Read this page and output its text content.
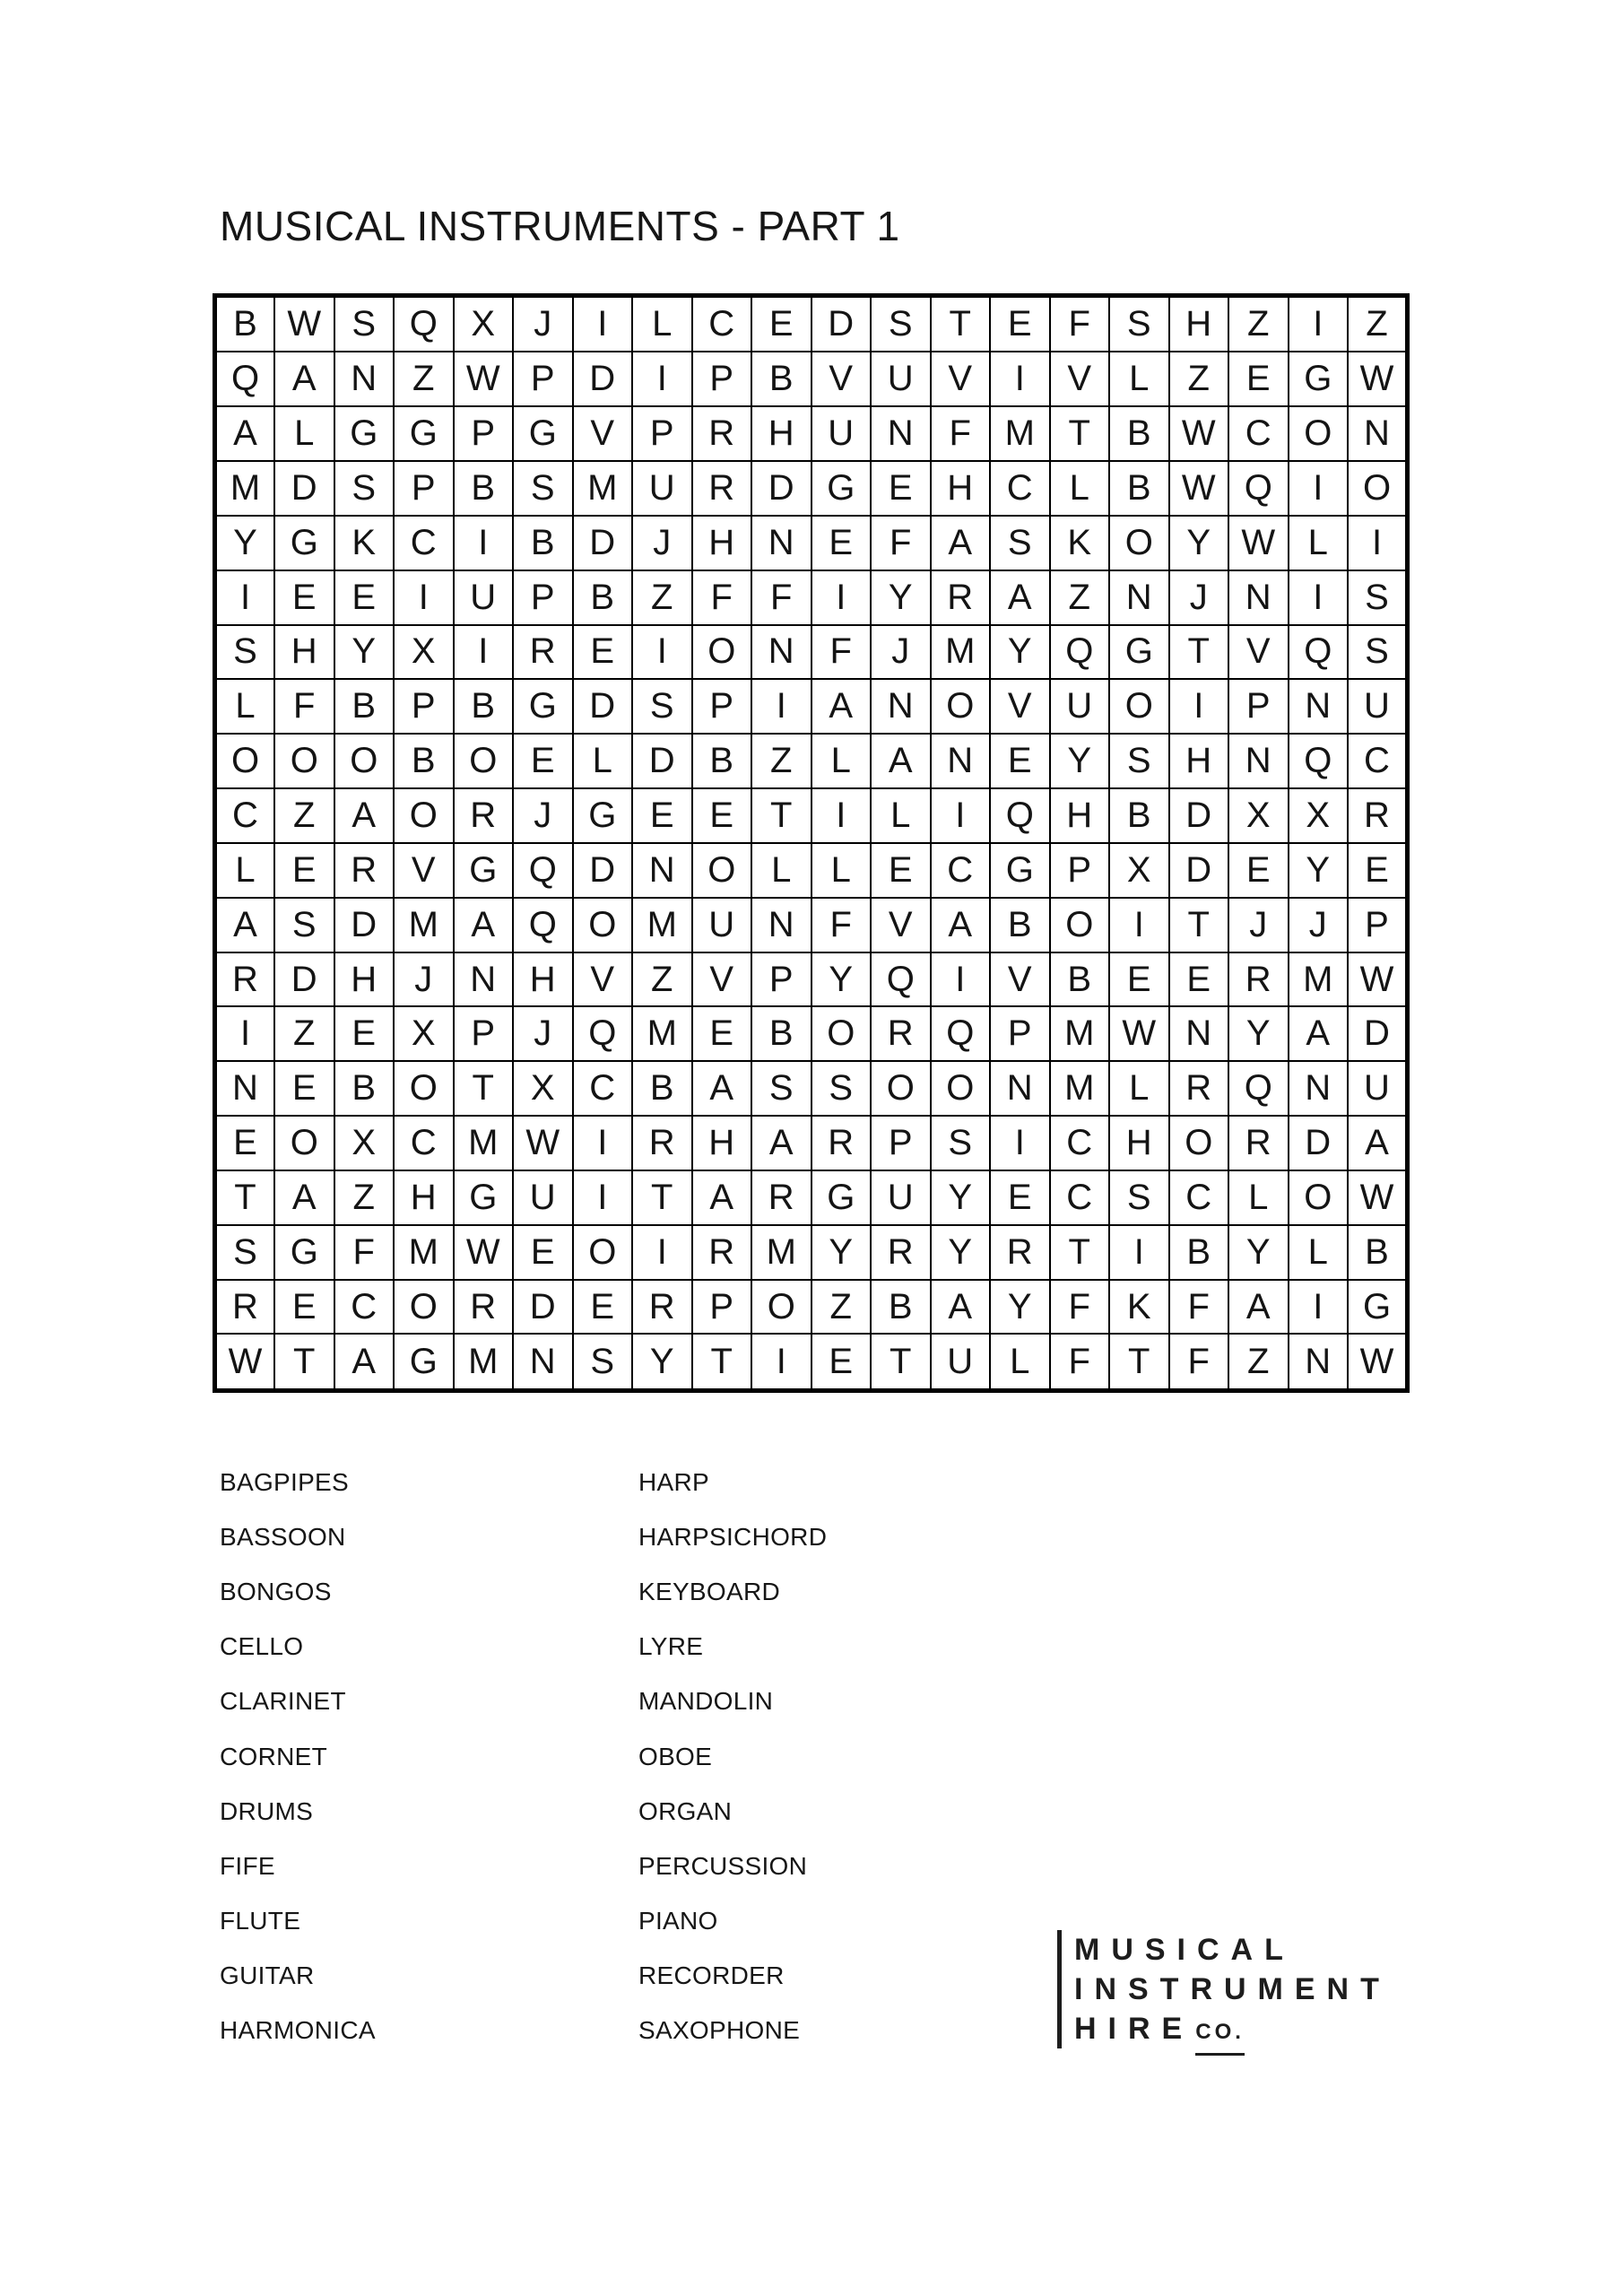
MUSICAL INSTRUMENTS - PART 1
B	W	S	Q	X	J	I	L	C	E	D	S	T	E	F	S	H	Z	I	Z
Q	A	N	Z	W	P	D	I	P	B	V	U	V	I	V	L	Z	E	G	W
A	L	G	G	P	G	V	P	R	H	U	N	F	M	T	B	W	C	O	N
M	D	S	P	B	S	M	U	R	D	G	E	H	C	L	B	W	Q	I	O
Y	G	K	C	I	B	D	J	H	N	E	F	A	S	K	O	Y	W	L	I
I	E	E	I	U	P	B	Z	F	F	I	Y	R	A	Z	N	J	N	I	S
S	H	Y	X	I	R	E	I	O	N	F	J	M	Y	Q	G	T	V	Q	S
L	F	B	P	B	G	D	S	P	I	A	N	O	V	U	O	I	P	N	U
O	O	O	B	O	E	L	D	B	Z	L	A	N	E	Y	S	H	N	Q	C
C	Z	A	O	R	J	G	E	E	T	I	L	I	Q	H	B	D	X	X	R
L	E	R	V	G	Q	D	N	O	L	L	E	C	G	P	X	D	E	Y	E
A	S	D	M	A	Q	O	M	U	N	F	V	A	B	O	I	T	J	J	P
R	D	H	J	N	H	V	Z	V	P	Y	Q	I	V	B	E	E	R	M	W
I	Z	E	X	P	J	Q	M	E	B	O	R	Q	P	M	W	N	Y	A	D
N	E	B	O	T	X	C	B	A	S	S	O	O	N	M	L	R	Q	N	U
E	O	X	C	M	W	I	R	H	A	R	P	S	I	C	H	O	R	D	A
T	A	Z	H	G	U	I	T	A	R	G	U	Y	E	C	S	C	L	O	W
S	G	F	M	W	E	O	I	R	M	Y	R	Y	R	T	I	B	Y	L	B
R	E	C	O	R	D	E	R	P	O	Z	B	A	Y	F	K	F	A	I	G
W	T	A	G	M	N	S	Y	T	I	E	T	U	L	F	T	F	Z	N	W
BAGPIPES
BASSOON
BONGOS
CELLO
CLARINET
CORNET
DRUMS
FIFE
FLUTE
GUITAR
HARMONICA
HARP
HARPSICHORD
KEYBOARD
LYRE
MANDOLIN
OBOE
ORGAN
PERCUSSION
PIANO
RECORDER
SAXOPHONE
MUSICAL
INSTRUMENT
HIRE CO.
